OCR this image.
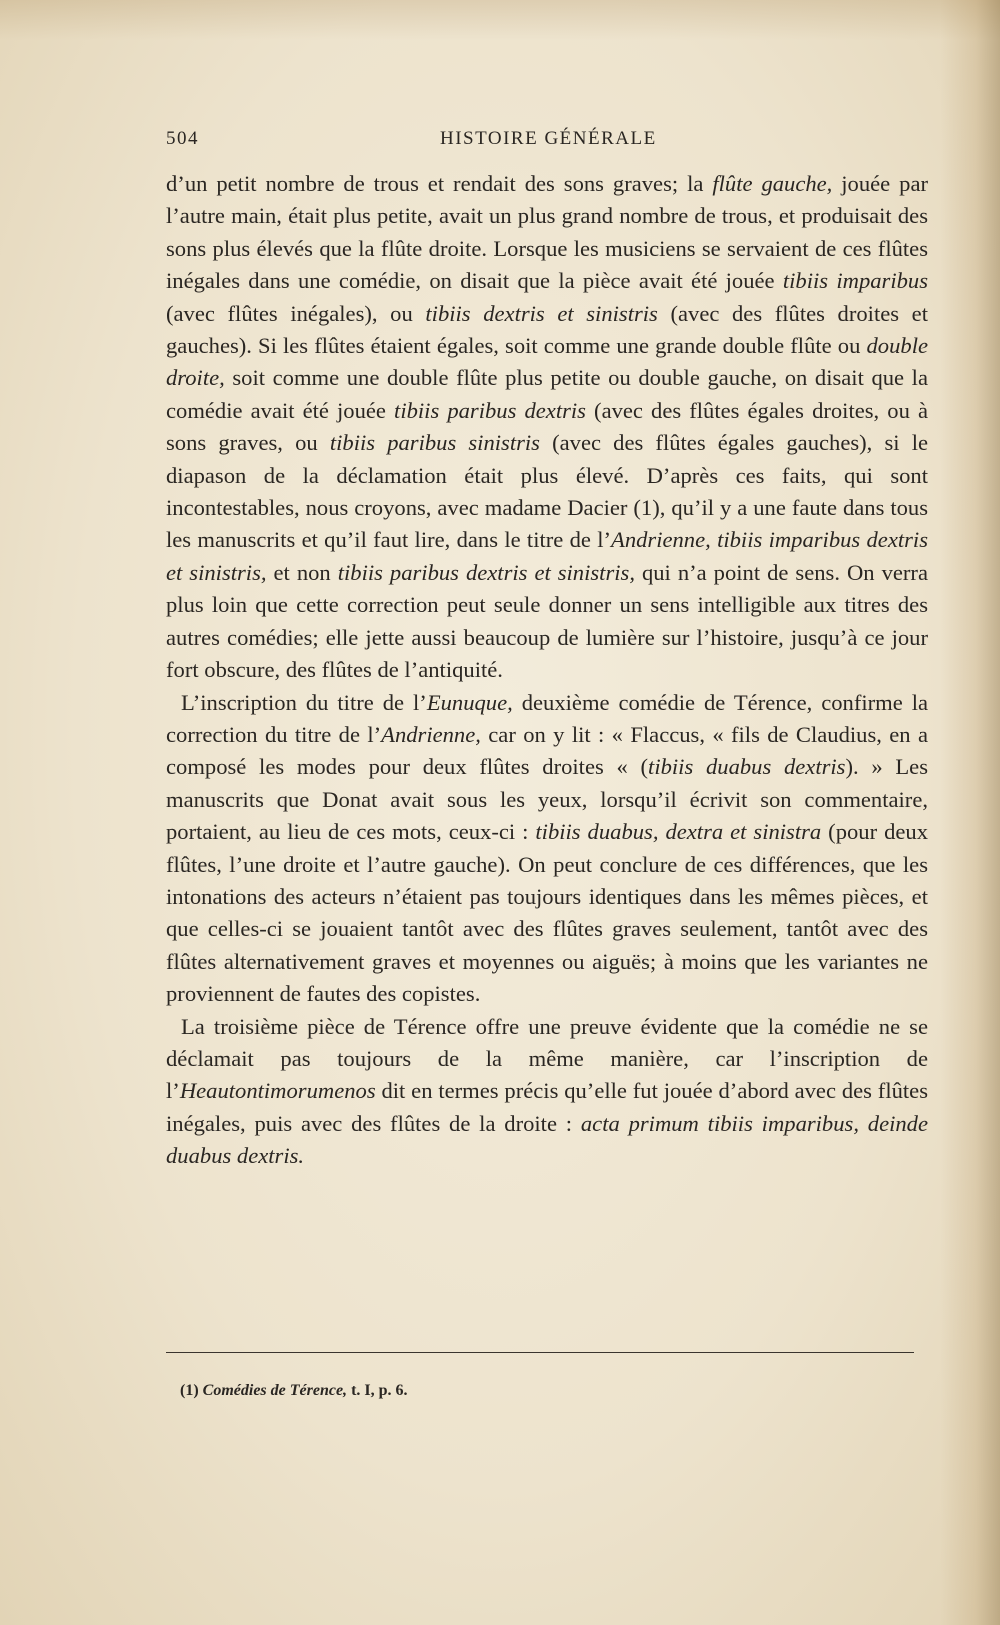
504	HISTOIRE GÉNÉRALE

d’un petit nombre de trous et rendait des sons graves; la flûte gauche, jouée par l’autre main, était plus petite, avait un plus grand nombre de trous, et produisait des sons plus élevés que la flûte droite. Lorsque les musiciens se servaient de ces flûtes inégales dans une comédie, on disait que la pièce avait été jouée tibiis imparibus (avec flûtes inégales), ou tibiis dextris et sinistris (avec des flûtes droites et gauches). Si les flûtes étaient égales, soit comme une grande double flûte ou double droite, soit comme une double flûte plus petite ou double gauche, on disait que la comédie avait été jouée tibiis paribus dextris (avec des flûtes égales droites, ou à sons graves, ou tibiis paribus sinistris (avec des flûtes égales gauches), si le diapason de la déclamation était plus élevé. D’après ces faits, qui sont incontestables, nous croyons, avec madame Dacier (1), qu’il y a une faute dans tous les manuscrits et qu’il faut lire, dans le titre de l’Andrienne, tibiis imparibus dextris et sinistris, et non tibiis paribus dextris et sinistris, qui n’a point de sens. On verra plus loin que cette correction peut seule donner un sens intelligible aux titres des autres comédies; elle jette aussi beaucoup de lumière sur l’histoire, jusqu’à ce jour fort obscure, des flûtes de l’antiquité.

L’inscription du titre de l’Eunuque, deuxième comédie de Térence, confirme la correction du titre de l’Andrienne, car on y lit : « Flaccus, « fils de Claudius, en a composé les modes pour deux flûtes droites « (tibiis duabus dextris). » Les manuscrits que Donat avait sous les yeux, lorsqu’il écrivit son commentaire, portaient, au lieu de ces mots, ceux-ci : tibiis duabus, dextra et sinistra (pour deux flûtes, l’une droite et l’autre gauche). On peut conclure de ces différences, que les intonations des acteurs n’étaient pas toujours identiques dans les mêmes pièces, et que celles-ci se jouaient tantôt avec des flûtes graves seulement, tantôt avec des flûtes alternativement graves et moyennes ou aiguës; à moins que les variantes ne proviennent de fautes des copistes.

La troisième pièce de Térence offre une preuve évidente que la comédie ne se déclamait pas toujours de la même manière, car l’inscription de l’Heautontimorumenos dit en termes précis qu’elle fut jouée d’abord avec des flûtes inégales, puis avec des flûtes de la droite : acta primum tibiis imparibus, deinde duabus dextris.

(1) Comédies de Térence, t. I, p. 6.
